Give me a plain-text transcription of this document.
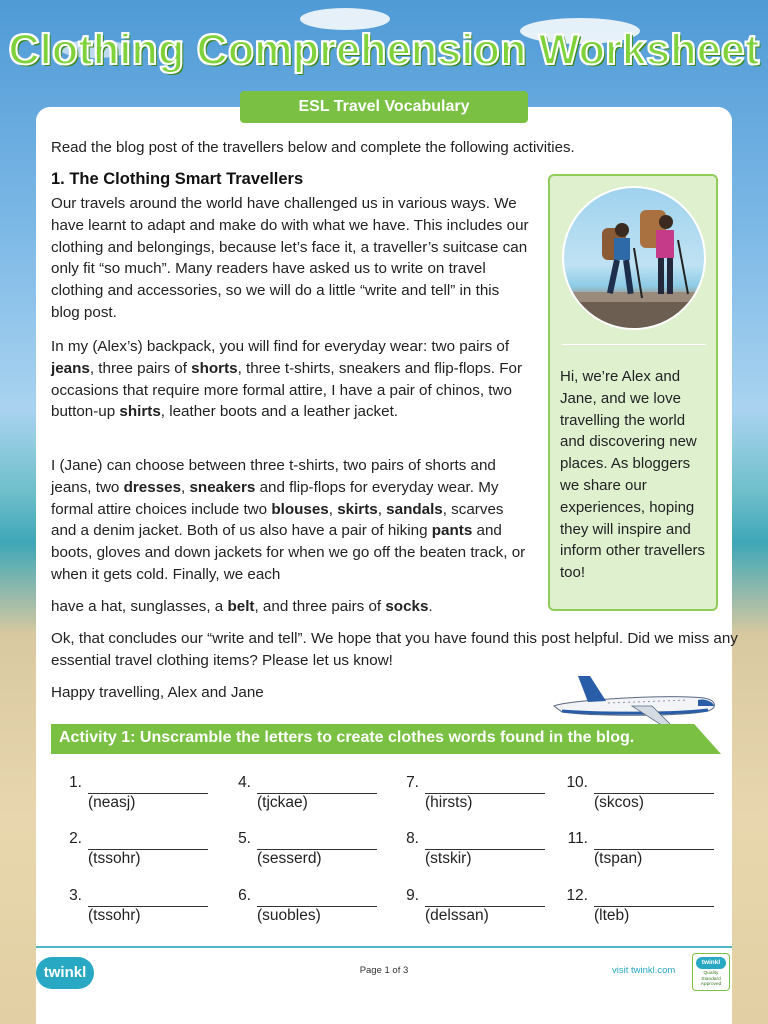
Clothing Comprehension Worksheet
ESL Travel Vocabulary
Read the blog post of the travellers below and complete the following activities.
1. The Clothing Smart Travellers
Our travels around the world have challenged us in various ways. We have learnt to adapt and make do with what we have. This includes our clothing and belongings, because let’s face it, a traveller’s suitcase can only fit “so much”. Many readers have asked us to write on travel clothing and accessories, so we will do a little “write and tell” in this blog post.
In my (Alex’s) backpack, you will find for everyday wear: two pairs of jeans, three pairs of shorts, three t-shirts, sneakers and flip-flops. For occasions that require more formal attire, I have a pair of chinos, two button-up shirts, leather boots and a leather jacket.
I (Jane) can choose between three t-shirts, two pairs of shorts and jeans, two dresses, sneakers and flip-flops for everyday wear. My formal attire choices include two blouses, skirts, sandals, scarves and a denim jacket. Both of us also have a pair of hiking pants and boots, gloves and down jackets for when we go off the beaten track, or when it gets cold. Finally, we each
have a hat, sunglasses, a belt, and three pairs of socks.
Ok, that concludes our “write and tell”. We hope that you have found this post helpful. Did we miss any essential travel clothing items? Please let us know!
Happy travelling, Alex and Jane
Hi, we’re Alex and Jane, and we love travelling the world and discovering new places. As bloggers we share our experiences, hoping they will inspire and inform other travellers too!
Activity 1: Unscramble the letters to create clothes words found in the blog.
1.
(neasj)
2.
(tssohr)
3.
(tssohr)
4.
(tjckae)
5.
(sesserd)
6.
(suobles)
7.
(hirsts)
8.
(stskir)
9.
(delssan)
10.
(skcos)
11.
(tspan)
12.
(lteb)
twinkl	Page 1 of 3	visit twinkl.com
twinkl
Quality Standard Approved
